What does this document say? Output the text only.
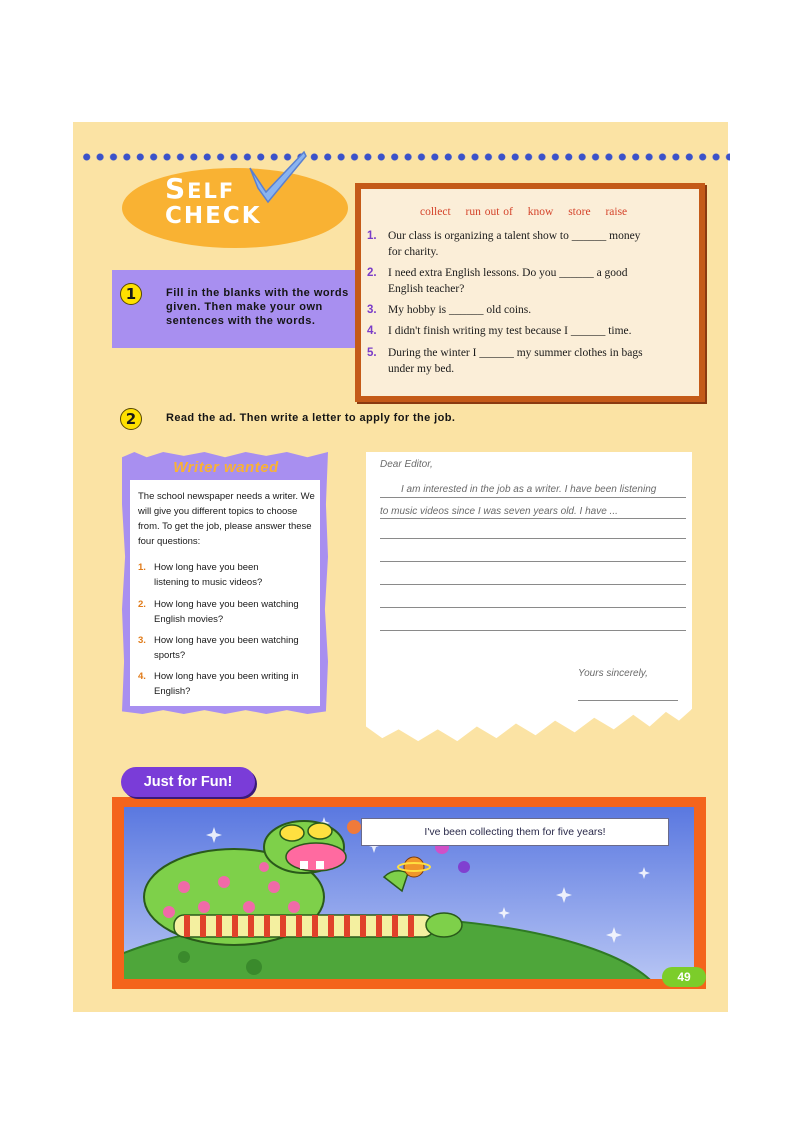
SELF
CHECK
1	Fill in the blanks with the words given. Then make your own sentences with the words.
collect run out of know store raise
1. Our class is organizing a talent show to ______ money
for charity.
2. I need extra English lessons. Do you ______ a good
English teacher?
3. My hobby is ______ old coins.
4. I didn't finish writing my test because I ______ time.
5. During the winter I ______ my summer clothes in bags
under my bed.
2	Read the ad. Then write a letter to apply for the job.
Writer wanted
The school newspaper needs a writer. We will give you different topics to choose from. To get the job, please answer these four questions:
1. How long have you been
listening to music videos?
2. How long have you been watching
English movies?
3. How long have you been watching
sports?
4. How long have you been writing in
English?
Dear Editor,
I am interested in the job as a writer. I have been listening
to music videos since I was seven years old. I have ...
Yours sincerely,
Just for Fun!
I've been collecting them for five years!
49
